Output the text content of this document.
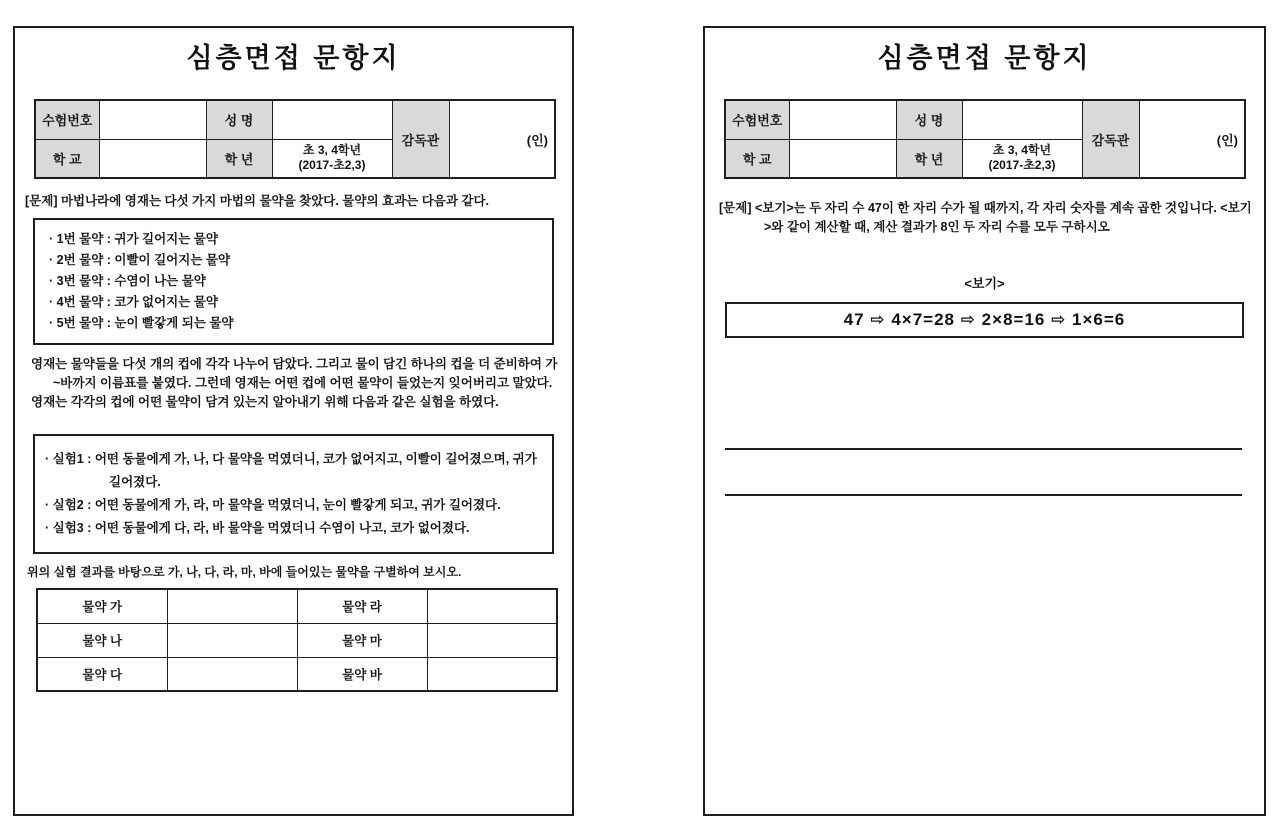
심층면접 문항지
수험번호		성 명		감독관	(인)
학 교		학 년	초 3, 4학년
(2017-초2,3)		
[문제] 마법나라에 영재는 다섯 가지 마법의 물약을 찾았다. 물약의 효과는 다음과 같다.
· 1번 물약 : 귀가 길어지는 물약
· 2번 물약 : 이빨이 길어지는 물약
· 3번 물약 : 수염이 나는 물약
· 4번 물약 : 코가 없어지는 물약
· 5번 물약 : 눈이 빨갛게 되는 물약
영재는 물약들을 다섯 개의 컵에 각각 나누어 담았다. 그리고 물이 담긴 하나의 컵을 더 준비하여 가~바까지 이름표를 붙였다. 그런데 영재는 어떤 컵에 어떤 물약이 들었는지 잊어버리고 말았다.
영재는 각각의 컵에 어떤 물약이 담겨 있는지 알아내기 위해 다음과 같은 실험을 하였다.
· 실험1 : 어떤 동물에게 가, 나, 다 물약을 먹였더니, 코가 없어지고, 이빨이 길어졌으며, 귀가 길어졌다.
· 실험2 : 어떤 동물에게 가, 라, 마 물약을 먹였더니, 눈이 빨갛게 되고, 귀가 길어졌다.
· 실험3 : 어떤 동물에게 다, 라, 바 물약을 먹였더니 수염이 나고, 코가 없어졌다.
위의 실험 결과를 바탕으로 가, 나, 다, 라, 마, 바에 들어있는 물약을 구별하여 보시오.
물약 가		물약 라	
물약 나		물약 마	
물약 다		물약 바	
심층면접 문항지
수험번호		성 명		감독관	(인)
학 교		학 년	초 3, 4학년
(2017-초2,3)		
[문제] <보기>는 두 자리 수 47이 한 자리 수가 될 때까지, 각 자리 숫자를 계속 곱한 것입니다. <보기>와 같이 계산할 때, 계산 결과가 8인 두 자리 수를 모두 구하시오
<보기>
47 ⇨ 4×7=28 ⇨ 2×8=16 ⇨ 1×6=6
